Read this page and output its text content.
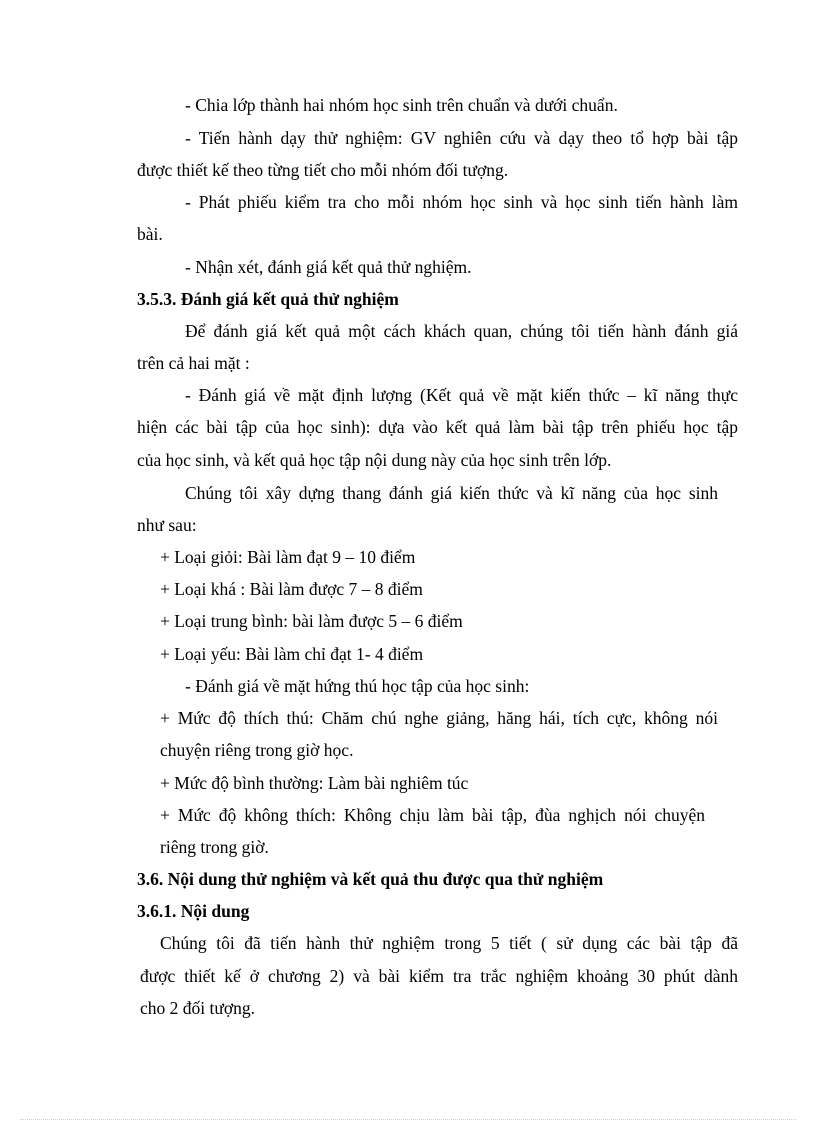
- Chia lớp thành hai nhóm học sinh trên chuẩn và dưới chuẩn.
- Tiến hành dạy thử nghiệm: GV nghiên cứu và dạy theo tổ hợp bài tập
được thiết kế theo từng tiết cho mỗi nhóm đối tượng.
- Phát phiếu kiểm tra cho mỗi nhóm học sinh và học sinh tiến hành làm
bài.
- Nhận xét, đánh giá kết quả thử nghiệm.
3.5.3. Đánh giá kết quả thử nghiệm
Để đánh giá kết quả một cách khách quan, chúng tôi tiến hành đánh giá
trên cả hai mặt :
- Đánh giá về mặt định lượng (Kết quả về mặt kiến thức – kĩ năng thực
hiện các bài tập của học sinh): dựa vào kết quả làm bài tập trên phiếu học tập
của học sinh, và kết quả học tập nội dung này của học sinh trên lớp.
Chúng tôi xây dựng thang đánh giá kiến thức và kĩ năng của học sinh
như sau:
+ Loại giỏi: Bài làm đạt 9 – 10 điểm
+ Loại khá : Bài làm được 7 – 8 điểm
+ Loại trung bình: bài làm được 5 – 6 điểm
+ Loại yếu: Bài làm chỉ đạt 1- 4 điểm
- Đánh giá về mặt hứng thú học tập của học sinh:
+ Mức độ thích thú: Chăm chú nghe giảng, hăng hái, tích cực, không nói
chuyện riêng trong giờ học.
+ Mức độ bình thường: Làm bài nghiêm túc
+ Mức độ không thích: Không chịu làm bài tập, đùa nghịch nói chuyện
riêng trong giờ.
3.6. Nội dung thử nghiệm và kết quả thu được qua thử nghiệm
3.6.1. Nội dung
Chúng tôi đã tiến hành thử nghiệm trong 5 tiết ( sử dụng các bài tập đã
được thiết kế ở chương 2) và bài kiểm tra trắc nghiệm khoảng 30 phút dành
cho 2 đối tượng.
